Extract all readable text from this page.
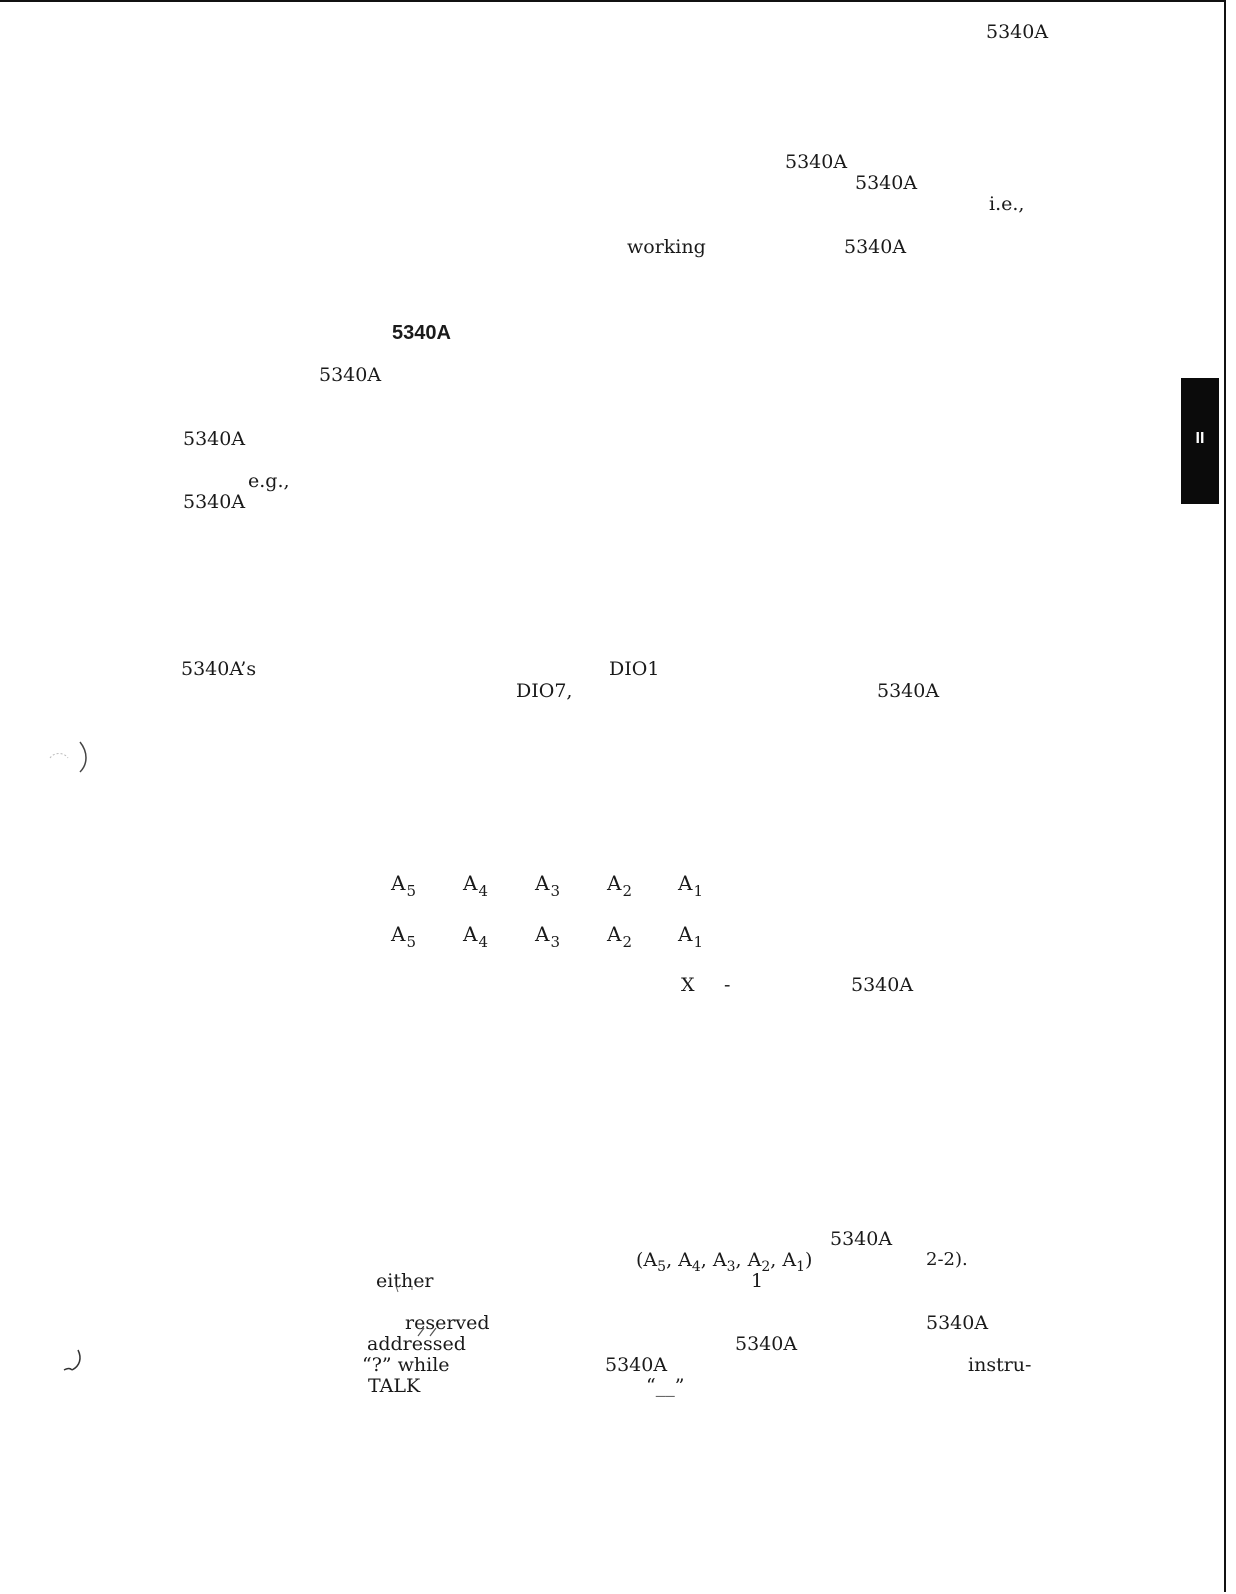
5340A
5340A
5340A
i.e.,
working	5340A
5340A
5340A
II
5340A
e.g.,
5340A
5340A’s	DIO1
DIO7,	5340A
$A_5$ $A_4$ $A_3$ $A_2$ $A_1$
$A_5$ $A_4$ $A_3$ $A_2$ $A_1$
X -	5340A
5340A
($A_5$, $A_4$, $A_3$, $A_2$, $A_1$)	2-2).
either	1
reserved	5340A
addressed	5340A
“?” while	5340A	instru-
TALK	“__”
